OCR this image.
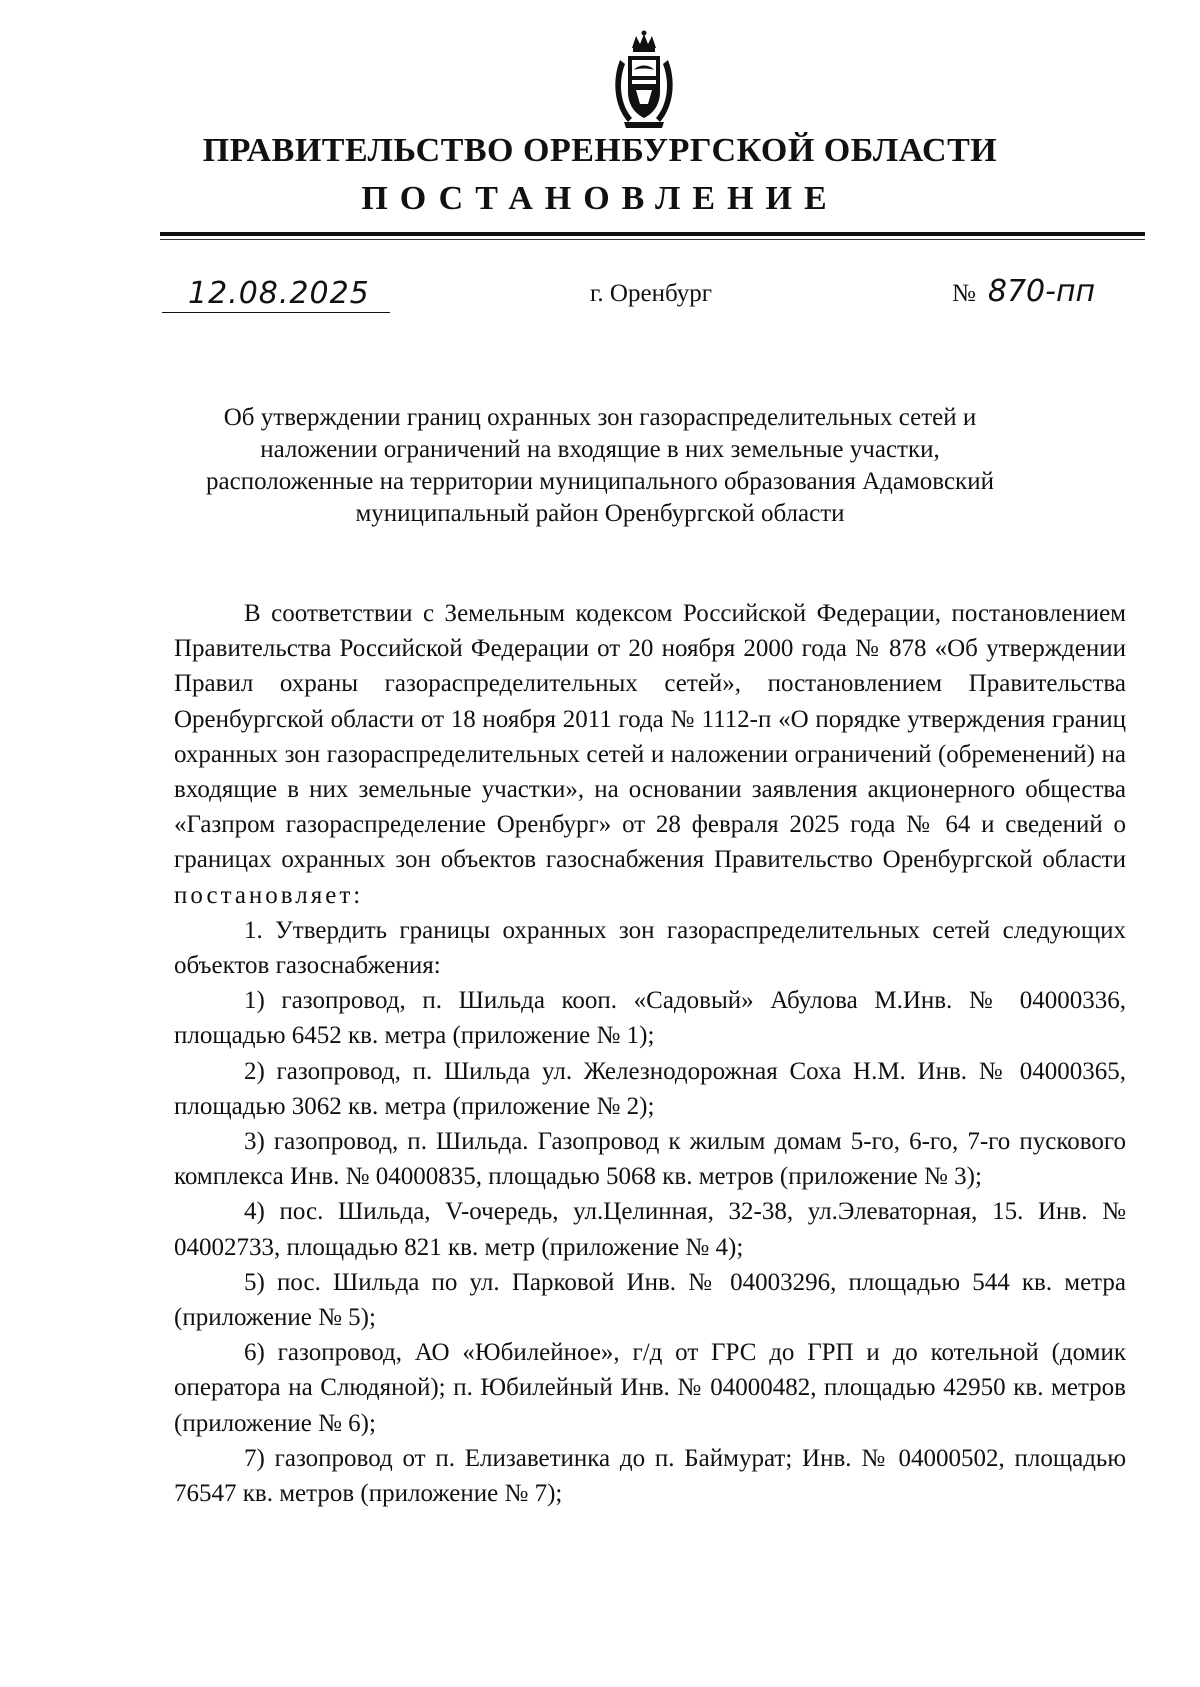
ПРАВИТЕЛЬСТВО ОРЕНБУРГСКОЙ ОБЛАСТИ
ПОСТАНОВЛЕНИЕ
12.08.2025	г. Оренбург	№ 870-пп
Об утверждении границ охранных зон газораспределительных сетей и наложении ограничений на входящие в них земельные участки, расположенные на территории муниципального образования Адамовский муниципальный район Оренбургской области

В соответствии с Земельным кодексом Российской Федерации, постановлением Правительства Российской Федерации от 20 ноября 2000 года № 878 «Об утверждении Правил охраны газораспределительных сетей», постановлением Правительства Оренбургской области от 18 ноября 2011 года № 1112-п «О порядке утверждения границ охранных зон газораспределительных сетей и наложении ограничений (обременений) на входящие в них земельные участки», на основании заявления акционерного общества «Газпром газораспределение Оренбург» от 28 февраля 2025 года № 64 и сведений о границах охранных зон объектов газоснабжения Правительство Оренбургской области постановляет:

1. Утвердить границы охранных зон газораспределительных сетей следующих объектов газоснабжения:

1) газопровод, п. Шильда кооп. «Садовый» Абулова М.Инв. № 04000336, площадью 6452 кв. метра (приложение № 1);

2) газопровод, п. Шильда ул. Железнодорожная Соха Н.М. Инв. № 04000365, площадью 3062 кв. метра (приложение № 2);

3) газопровод, п. Шильда. Газопровод к жилым домам 5-го, 6-го, 7-го пускового комплекса Инв. № 04000835, площадью 5068 кв. метров (приложение № 3);

4) пос. Шильда, V-очередь, ул.Целинная, 32-38, ул.Элеваторная, 15. Инв. № 04002733, площадью 821 кв. метр (приложение № 4);

5) пос. Шильда по ул. Парковой Инв. № 04003296, площадью 544 кв. метра (приложение № 5);

6) газопровод, АО «Юбилейное», г/д от ГРС до ГРП и до котельной (домик оператора на Слюдяной); п. Юбилейный Инв. № 04000482, площадью 42950 кв. метров (приложение № 6);

7) газопровод от п. Елизаветинка до п. Баймурат; Инв. № 04000502, площадью 76547 кв. метров (приложение № 7);
